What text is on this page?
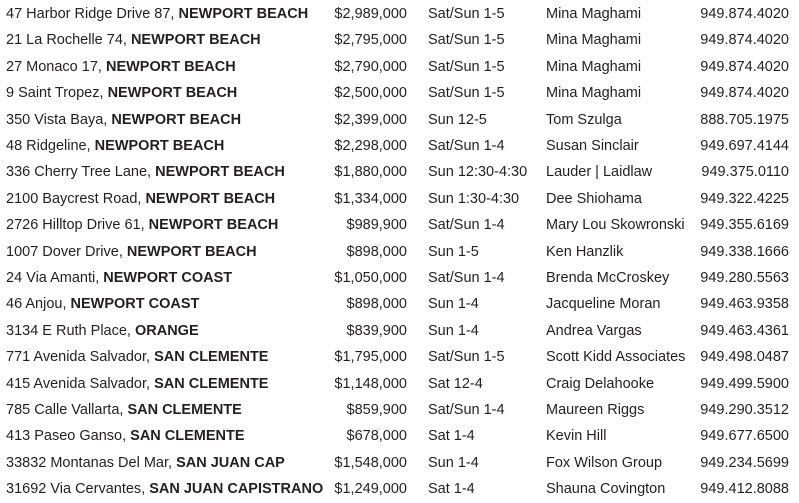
47 Harbor Ridge Drive 87, NEWPORT BEACH $2,989,000 Sat/Sun 1-5	Mina Maghami	949.874.4020
21 La Rochelle 74, NEWPORT BEACH	$2,795,000 Sat/Sun 1-5	Mina Maghami	949.874.4020
27 Monaco 17, NEWPORT BEACH	$2,790,000 Sat/Sun 1-5	Mina Maghami	949.874.4020
9 Saint Tropez, NEWPORT BEACH	$2,500,000 Sat/Sun 1-5	Mina Maghami	949.874.4020
350 Vista Baya, NEWPORT BEACH	$2,399,000 Sun 12-5	Tom Szulga	888.705.1975
48 Ridgeline, NEWPORT BEACH	$2,298,000 Sat/Sun 1-4	Susan Sinclair	949.697.4144
336 Cherry Tree Lane, NEWPORT BEACH	$1,880,000 Sun 12:30-4:30 Lauder | Laidlaw	949.375.0110
2100 Baycrest Road, NEWPORT BEACH	$1,334,000 Sun 1:30-4:30 Dee Shiohama	949.322.4225
2726 Hilltop Drive 61, NEWPORT BEACH	$989,900 Sat/Sun 1-4	Mary Lou Skowronski 949.355.6169
1007 Dover Drive, NEWPORT BEACH	$898,000 Sun 1-5	Ken Hanzlik	949.338.1666
24 Via Amanti, NEWPORT COAST	$1,050,000 Sat/Sun 1-4	Brenda McCroskey 949.280.5563
46 Anjou, NEWPORT COAST	$898,000 Sun 1-4	Jacqueline Moran	949.463.9358
3134 E Ruth Place, ORANGE	$839,900 Sun 1-4	Andrea Vargas	949.463.4361
771 Avenida Salvador, SAN CLEMENTE	$1,795,000 Sat/Sun 1-5	Scott Kidd Associates 949.498.0487
415 Avenida Salvador, SAN CLEMENTE	$1,148,000 Sat 12-4	Craig Delahooke	949.499.5900
785 Calle Vallarta, SAN CLEMENTE	$859,900 Sat/Sun 1-4	Maureen Riggs	949.290.3512
413 Paseo Ganso, SAN CLEMENTE	$678,000 Sat 1-4	Kevin Hill	949.677.6500
33832 Montanas Del Mar, SAN JUAN CAP	$1,548,000 Sun 1-4	Fox Wilson Group	949.234.5699
31692 Via Cervantes, SAN JUAN CAPISTRANO $1,249,000 Sat 1-4	Shauna Covington 949.412.8088
